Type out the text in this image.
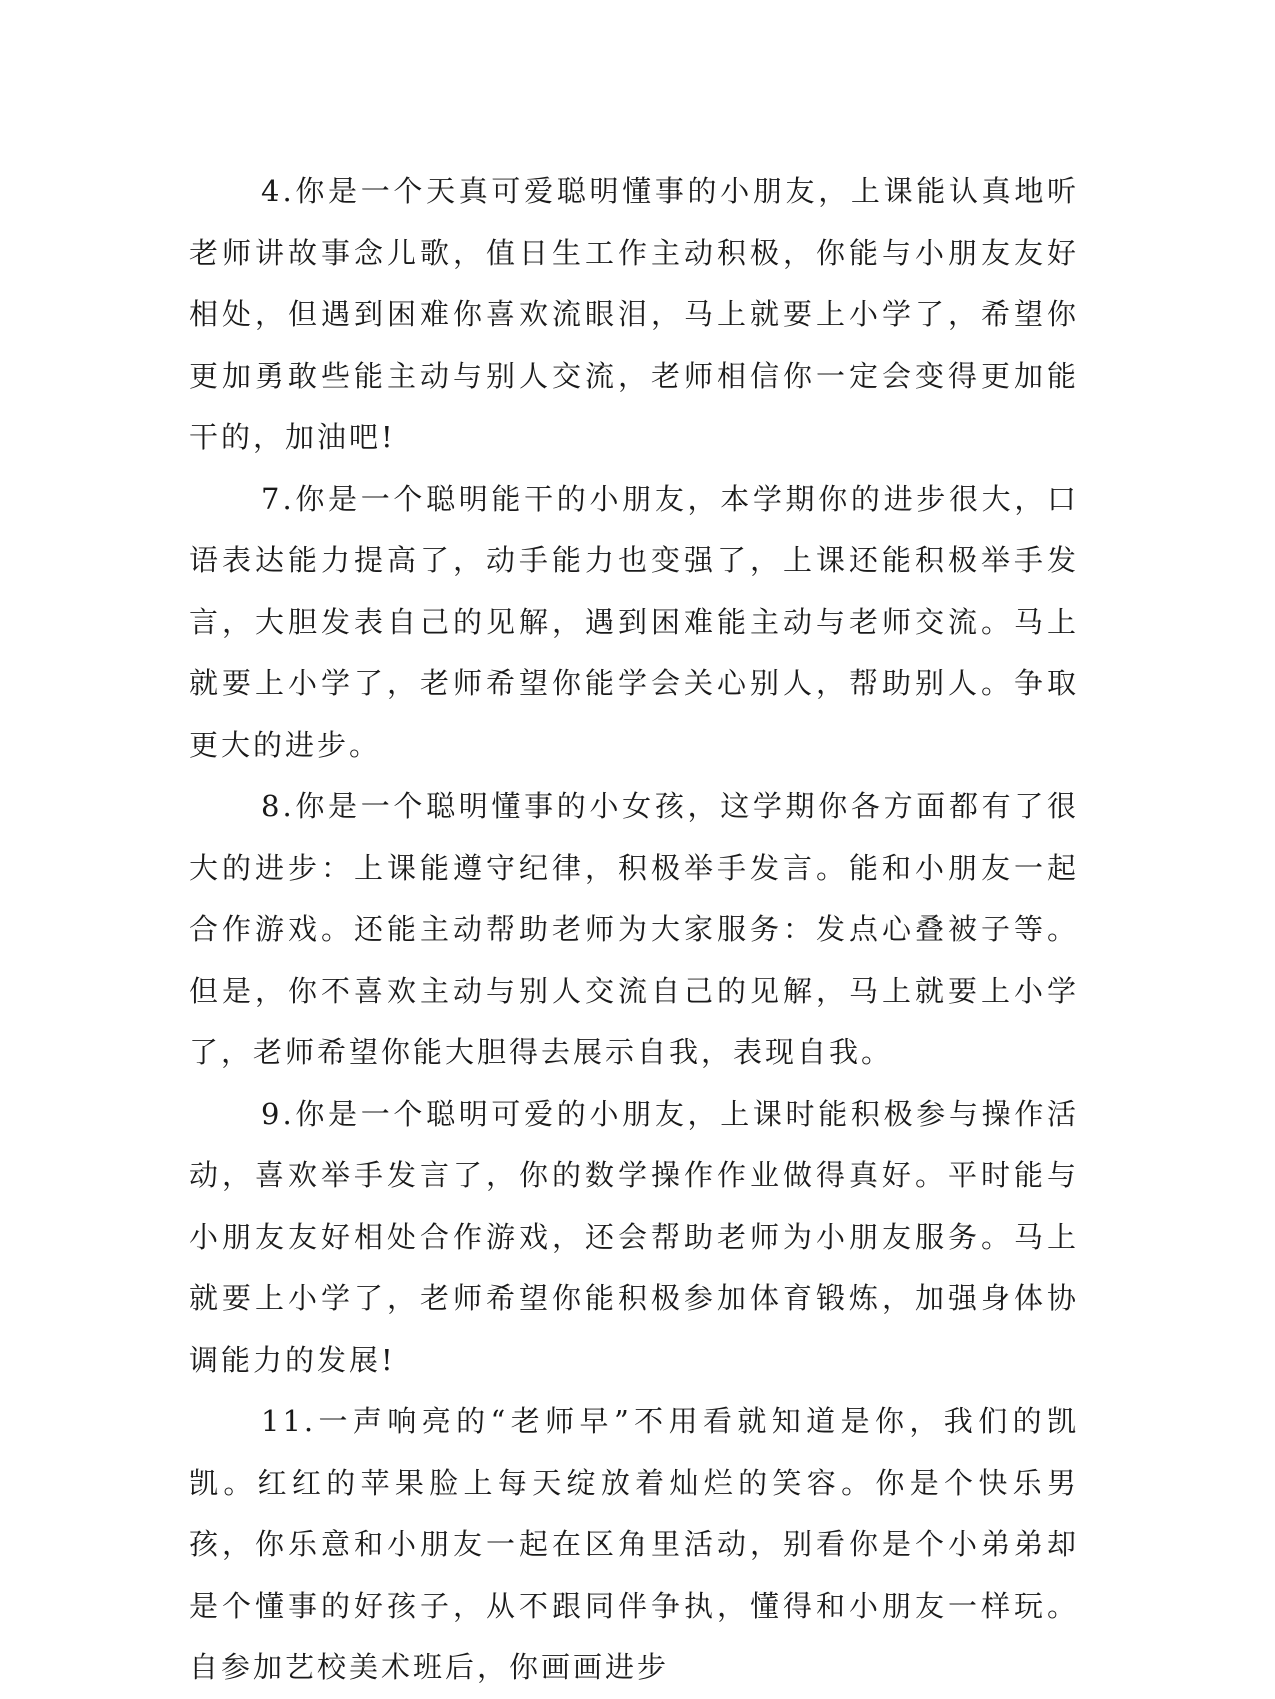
4.你是一个天真可爱聪明懂事的小朋友，上课能认真地听老师讲故事念儿歌，值日生工作主动积极，你能与小朋友友好相处，但遇到困难你喜欢流眼泪，马上就要上小学了，希望你更加勇敢些能主动与别人交流，老师相信你一定会变得更加能干的，加油吧!

7.你是一个聪明能干的小朋友，本学期你的进步很大，口语表达能力提高了，动手能力也变强了，上课还能积极举手发言，大胆发表自己的见解，遇到困难能主动与老师交流。马上就要上小学了，老师希望你能学会关心别人，帮助别人。争取更大的进步。

8.你是一个聪明懂事的小女孩，这学期你各方面都有了很大的进步：上课能遵守纪律，积极举手发言。能和小朋友一起合作游戏。还能主动帮助老师为大家服务：发点心叠被子等。但是，你不喜欢主动与别人交流自己的见解，马上就要上小学了，老师希望你能大胆得去展示自我，表现自我。

9.你是一个聪明可爱的小朋友，上课时能积极参与操作活动，喜欢举手发言了，你的数学操作作业做得真好。平时能与小朋友友好相处合作游戏，还会帮助老师为小朋友服务。马上就要上小学了，老师希望你能积极参加体育锻炼，加强身体协调能力的发展!

11.一声响亮的“老师早”不用看就知道是你，我们的凯凯。红红的苹果脸上每天绽放着灿烂的笑容。你是个快乐男孩，你乐意和小朋友一起在区角里活动，别看你是个小弟弟却是个懂事的好孩子，从不跟同伴争执，懂得和小朋友一样玩。自参加艺校美术班后，你画画进步
